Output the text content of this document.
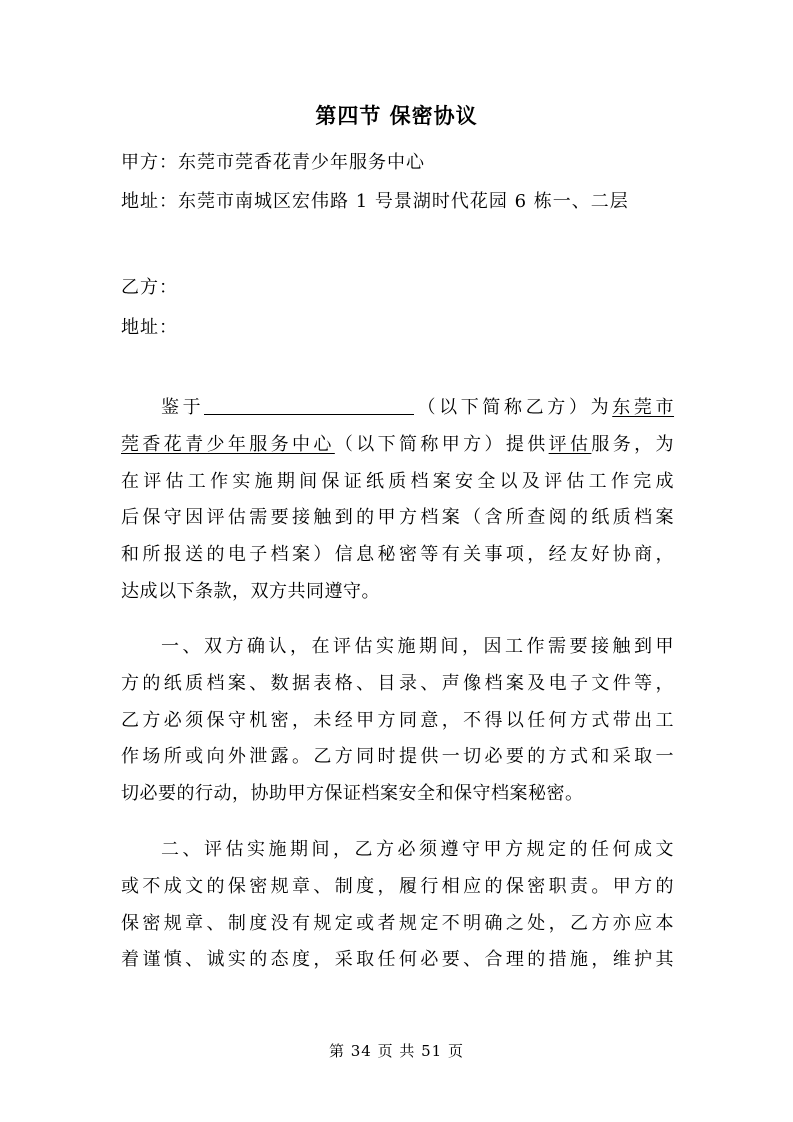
第四节 保密协议
甲方：东莞市莞香花青少年服务中心
地址：东莞市南城区宏伟路 1 号景湖时代花园 6 栋一、二层
乙方：
地址：
鉴于	（以下简称乙方）为东莞市
莞香花青少年服务中心（以下简称甲方）提供评估服务，为
在评估工作实施期间保证纸质档案安全以及评估工作完成
后保守因评估需要接触到的甲方档案（含所查阅的纸质档案
和所报送的电子档案）信息秘密等有关事项，经友好协商，
达成以下条款，双方共同遵守。
一、双方确认，在评估实施期间，因工作需要接触到甲
方的纸质档案、数据表格、目录、声像档案及电子文件等，
乙方必须保守机密，未经甲方同意，不得以任何方式带出工
作场所或向外泄露。乙方同时提供一切必要的方式和采取一
切必要的行动，协助甲方保证档案安全和保守档案秘密。
二、评估实施期间，乙方必须遵守甲方规定的任何成文
或不成文的保密规章、制度，履行相应的保密职责。甲方的
保密规章、制度没有规定或者规定不明确之处，乙方亦应本
着谨慎、诚实的态度，采取任何必要、合理的措施，维护其
第 34 页 共 51 页
